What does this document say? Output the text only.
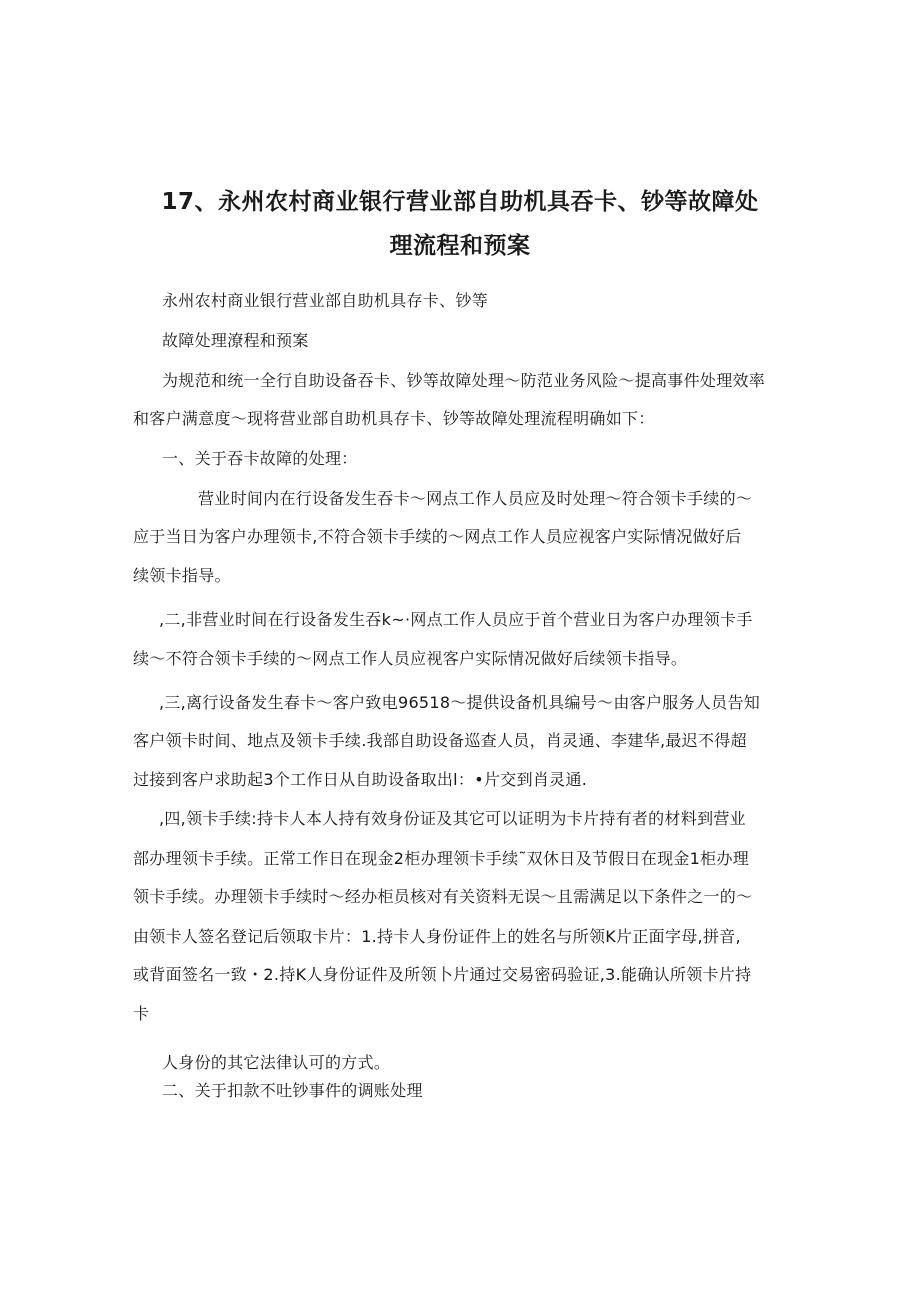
17、永州农村商业银行营业部自助机具吞卡、钞等故障处
理流程和预案
永州农村商业银行营业部自助机具存卡、钞等
故障处理潦程和预案
为规范和统一全行自助设备吞卡、钞等故障处理～防范业务风险～提高事件处理效率
和客户满意度～现将营业部自助机具存卡、钞等故障处理流程明确如下：
一、关于吞卡故障的处理：
营业时间内在行设备发生吞卡～网点工作人员应及时处理～符合领卡手续的～
应于当日为客户办理领卡,不符合领卡手续的～网点工作人员应视客户实际情况做好后
续领卡指导。
,二,非营业时间在行设备发生吞k~·网点工作人员应于首个营业日为客户办理领卡手
续～不符合领卡手续的～网点工作人员应视客户实际情况做好后续领卡指导。
,三,离行设备发生春卡～客户致电96518～提供设备机具编号～由客户服务人员告知
客户领卡时间、地点及领卡手续.我部自助设备巡查人员，肖灵通、李建华,最迟不得超
过接到客户求助起3个工作日从自助设备取出l：•片交到肖灵通.
,四,领卡手续:持卡人本人持有效身份证及其它可以证明为卡片持有者的材料到营业
部办理领卡手续。正常工作日在现金2柜办理领卡手续˜双休日及节假日在现金1柜办理
领卡手续。办理领卡手续时～经办柜员核对有关资料无误～且需满足以下条件之一的～
由领卡人签名登记后领取卡片：1.持卡人身份证件上的姓名与所领K片正面字母,拼音,
或背面签名一致・2.持K人身份证件及所领卜片通过交易密码验证,3.能确认所领卡片持
卡
人身份的其它法律认可的方式。
二、关于扣款不吐钞事件的调账处理
